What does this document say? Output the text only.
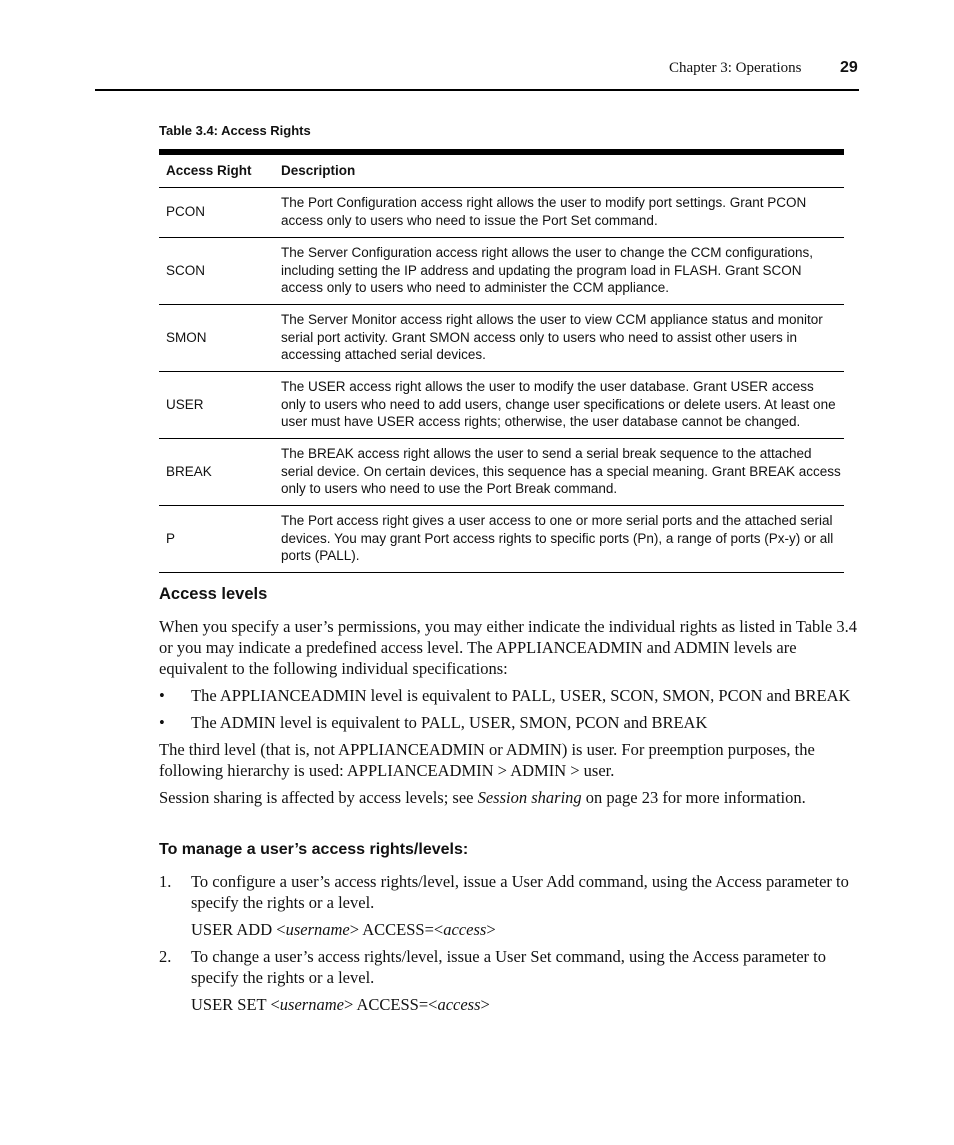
Chapter 3: Operations 29
Table 3.4: Access Rights
Access Right	Description
PCON	The Port Configuration access right allows the user to modify port settings. Grant PCON access only to users who need to issue the Port Set command.
SCON	The Server Configuration access right allows the user to change the CCM configurations, including setting the IP address and updating the program load in FLASH. Grant SCON access only to users who need to administer the CCM appliance.
SMON	The Server Monitor access right allows the user to view CCM appliance status and monitor serial port activity. Grant SMON access only to users who need to assist other users in accessing attached serial devices.
USER	The USER access right allows the user to modify the user database. Grant USER access only to users who need to add users, change user specifications or delete users. At least one user must have USER access rights; otherwise, the user database cannot be changed.
BREAK	The BREAK access right allows the user to send a serial break sequence to the attached serial device. On certain devices, this sequence has a special meaning. Grant BREAK access only to users who need to use the Port Break command.
P	The Port access right gives a user access to one or more serial ports and the attached serial devices. You may grant Port access rights to specific ports (Pn), a range of ports (Px-y) or all ports (PALL).
Access levels

When you specify a user’s permissions, you may either indicate the individual rights as listed in Table 3.4 or you may indicate a predefined access level. The APPLIANCEADMIN and ADMIN levels are equivalent to the following individual specifications:

• The APPLIANCEADMIN level is equivalent to PALL, USER, SCON, SMON, PCON and BREAK
• The ADMIN level is equivalent to PALL, USER, SMON, PCON and BREAK

The third level (that is, not APPLIANCEADMIN or ADMIN) is user. For preemption purposes, the following hierarchy is used: APPLIANCEADMIN > ADMIN > user.

Session sharing is affected by access levels; see Session sharing on page 23 for more information.

To manage a user’s access rights/levels:
1. To configure a user’s access rights/level, issue a User Add command, using the Access parameter to specify the rights or a level.
USER ADD <username> ACCESS=<access>
2. To change a user’s access rights/level, issue a User Set command, using the Access parameter to specify the rights or a level.
USER SET <username> ACCESS=<access>
